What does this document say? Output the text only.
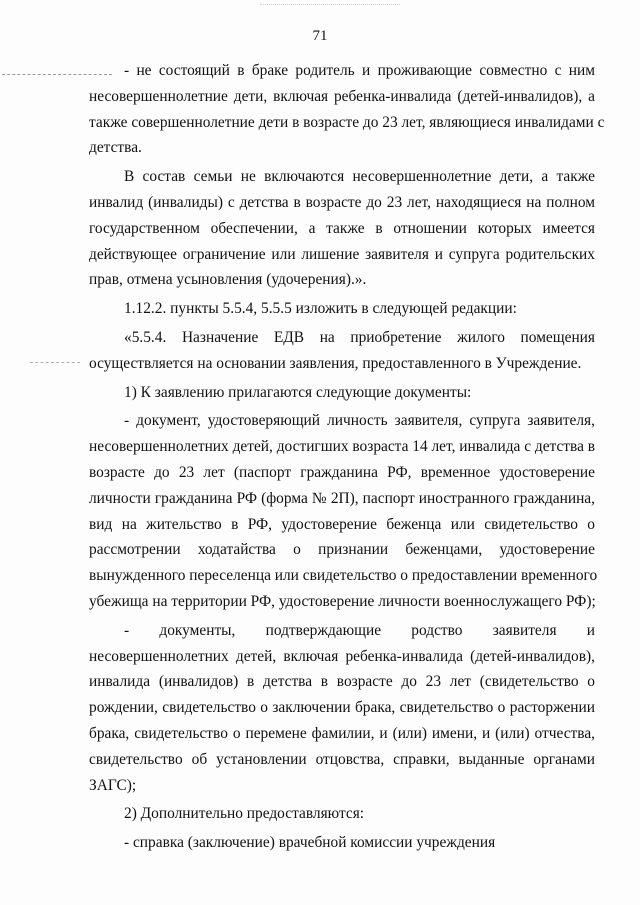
71
- не состоящий в браке родитель и проживающие совместно с ним
несовершеннолетние дети, включая ребенка-инвалида (детей-инвалидов), а
также совершеннолетние дети в возрасте до 23 лет, являющиеся инвалидами с
детства.
В состав семьи не включаются несовершеннолетние дети, а также
инвалид (инвалиды) с детства в возрасте до 23 лет, находящиеся на полном
государственном обеспечении, а также в отношении которых имеется
действующее ограничение или лишение заявителя и супруга родительских
прав, отмена усыновления (удочерения).».
1.12.2. пункты 5.5.4, 5.5.5 изложить в следующей редакции:
«5.5.4. Назначение ЕДВ на приобретение жилого помещения
осуществляется на основании заявления, предоставленного в Учреждение.
1) К заявлению прилагаются следующие документы:
- документ, удостоверяющий личность заявителя, супруга заявителя,
несовершеннолетних детей, достигших возраста 14 лет, инвалида с детства в
возрасте до 23 лет (паспорт гражданина РФ, временное удостоверение
личности гражданина РФ (форма № 2П), паспорт иностранного гражданина,
вид на жительство в РФ, удостоверение беженца или свидетельство о
рассмотрении ходатайства о признании беженцами, удостоверение
вынужденного переселенца или свидетельство о предоставлении временного
убежища на территории РФ, удостоверение личности военнослужащего РФ);
- документы, подтверждающие родство заявителя и
несовершеннолетних детей, включая ребенка-инвалида (детей-инвалидов),
инвалида (инвалидов) в детства в возрасте до 23 лет (свидетельство о
рождении, свидетельство о заключении брака, свидетельство о расторжении
брака, свидетельство о перемене фамилии, и (или) имени, и (или) отчества,
свидетельство об установлении отцовства, справки, выданные органами
ЗАГС);
2) Дополнительно предоставляются:
- справка (заключение) врачебной комиссии учреждения
